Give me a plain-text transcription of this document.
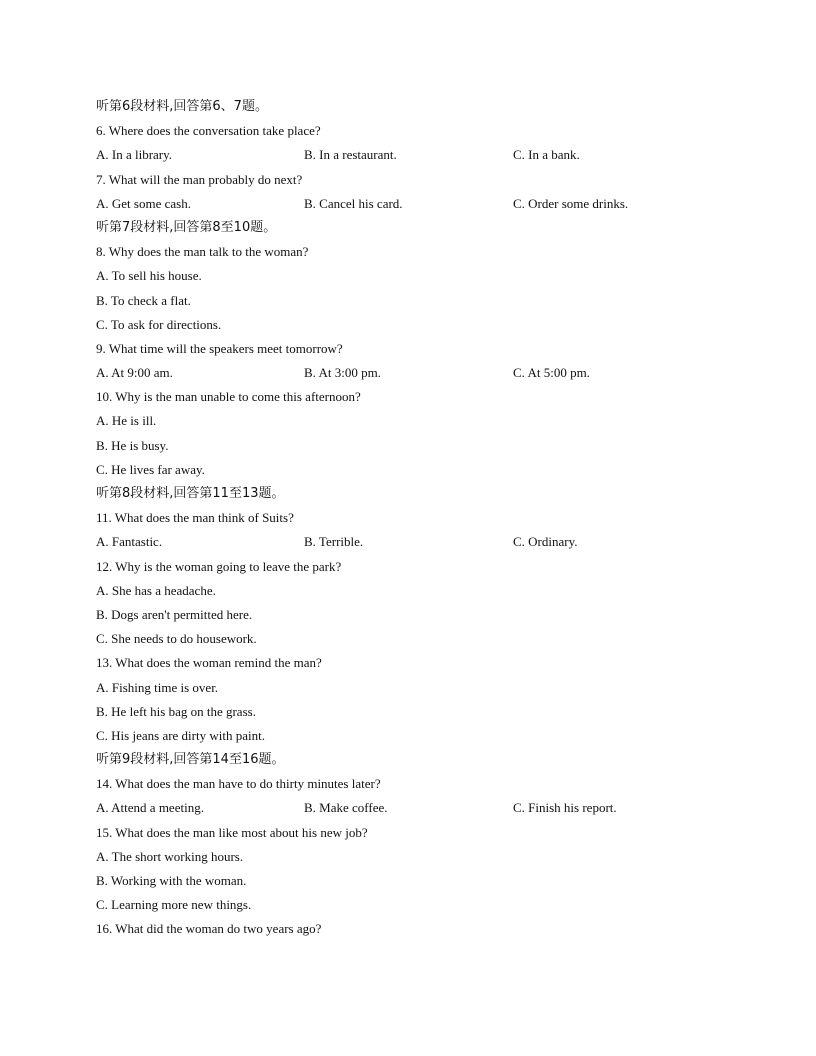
听第6段材料,回答第6、7题。
6. Where does the conversation take place?
A. In a library.	B. In a restaurant.	C. In a bank.
7. What will the man probably do next?
A. Get some cash.	B. Cancel his card.	C. Order some drinks.
听第7段材料,回答第8至10题。
8. Why does the man talk to the woman?
A. To sell his house.
B. To check a flat.
C. To ask for directions.
9. What time will the speakers meet tomorrow?
A. At 9:00 am.	B. At 3:00 pm.	C. At 5:00 pm.
10. Why is the man unable to come this afternoon?
A. He is ill.
B. He is busy.
C. He lives far away.
听第8段材料,回答第11至13题。
11. What does the man think of Suits?
A. Fantastic.	B. Terrible.	C. Ordinary.
12. Why is the woman going to leave the park?
A. She has a headache.
B. Dogs aren't permitted here.
C. She needs to do housework.
13. What does the woman remind the man?
A. Fishing time is over.
B. He left his bag on the grass.
C. His jeans are dirty with paint.
听第9段材料,回答第14至16题。
14. What does the man have to do thirty minutes later?
A. Attend a meeting.	B. Make coffee.	C. Finish his report.
15. What does the man like most about his new job?
A. The short working hours.
B. Working with the woman.
C. Learning more new things.
16. What did the woman do two years ago?
